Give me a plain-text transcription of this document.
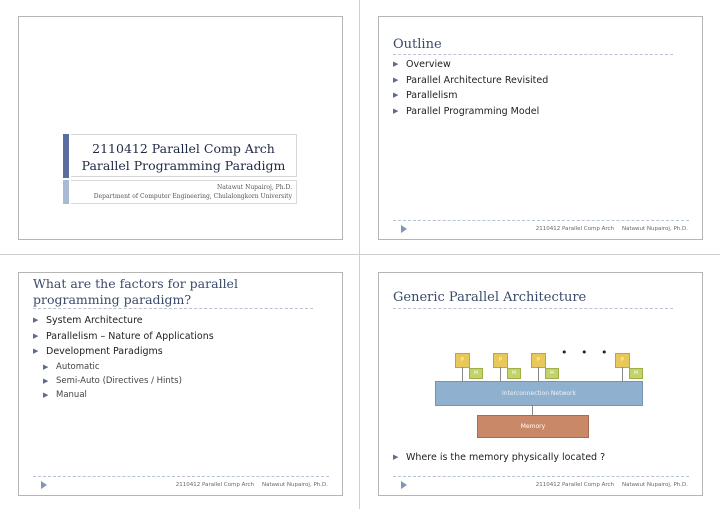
2110412 Parallel Comp Arch
Parallel Programming Paradigm
Natawut Nupairoj, Ph.D.
Department of Computer Engineering, Chulalongkorn University
Outline
▶ Overview
▶ Parallel Architecture Revisited
▶ Parallelism
▶ Parallel Programming Model
2110412 Parallel Comp Arch Natawut Nupairoj, Ph.D.
What are the factors for parallel
programming paradigm?
▶ System Architecture
▶ Parallelism – Nature of Applications
▶ Development Paradigms
▶ Automatic
▶ Semi-Auto (Directives / Hints)
▶ Manual
2110412 Parallel Comp Arch Natawut Nupairoj, Ph.D.
Generic Parallel Architecture
P
M
P
M
P
M
• • •
P
M
Interconnection Network
Memory
▶ Where is the memory physically located ?
2110412 Parallel Comp Arch Natawut Nupairoj, Ph.D.
